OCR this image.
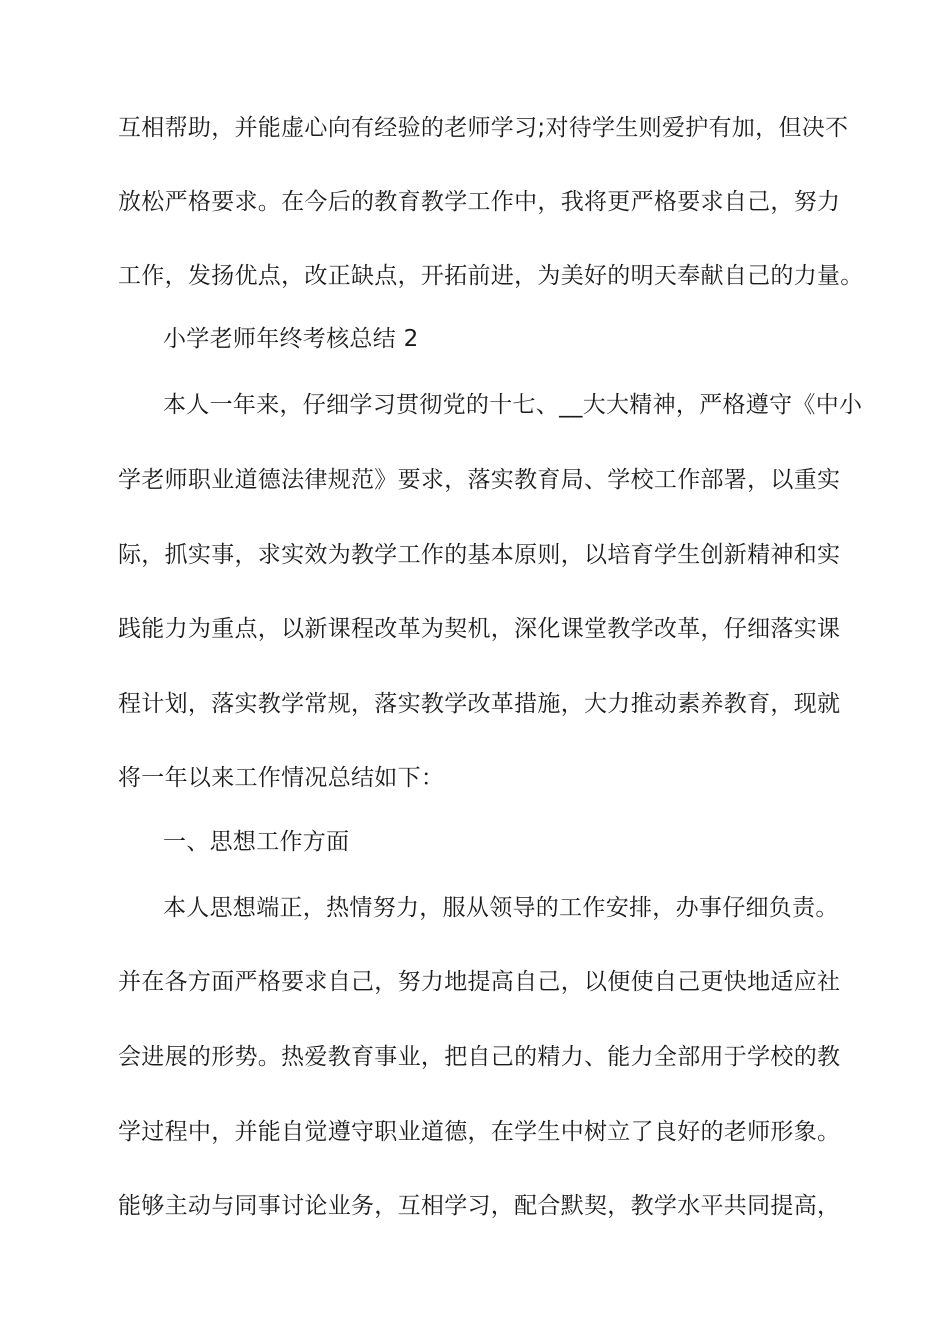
互相帮助，并能虚心向有经验的老师学习;对待学生则爱护有加，但决不
放松严格要求。在今后的教育教学工作中，我将更严格要求自己，努力
工作，发扬优点，改正缺点，开拓前进，为美好的明天奉献自己的力量。
小学老师年终考核总结 2
本人一年来，仔细学习贯彻党的十七、__大大精神，严格遵守《中小
学老师职业道德法律规范》要求，落实教育局、学校工作部署，以重实
际，抓实事，求实效为教学工作的基本原则，以培育学生创新精神和实
践能力为重点，以新课程改革为契机，深化课堂教学改革，仔细落实课
程计划，落实教学常规，落实教学改革措施，大力推动素养教育，现就
将一年以来工作情况总结如下：
一、思想工作方面
本人思想端正，热情努力，服从领导的工作安排，办事仔细负责。
并在各方面严格要求自己，努力地提高自己，以便使自己更快地适应社
会进展的形势。热爱教育事业，把自己的精力、能力全部用于学校的教
学过程中，并能自觉遵守职业道德，在学生中树立了良好的老师形象。
能够主动与同事讨论业务，互相学习，配合默契，教学水平共同提高，
